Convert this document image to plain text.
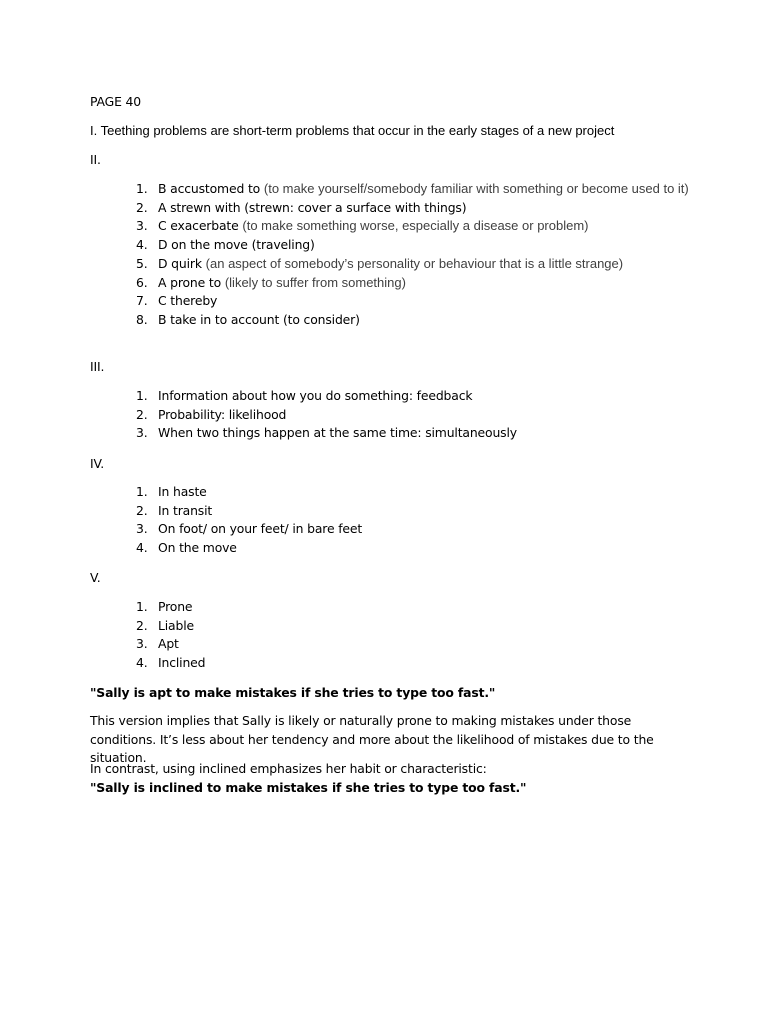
PAGE 40

I. Teething problems are short-term problems that occur in the early stages of a new project

II.

1. B accustomed to (to make yourself/somebody familiar with something or become used to it)
2. A strewn with (strewn: cover a surface with things)
3. C exacerbate (to make something worse, especially a disease or problem)
4. D on the move (traveling)
5. D quirk (an aspect of somebody’s personality or behaviour that is a little strange)
6. A prone to (likely to suffer from something)
7. C thereby
8. B take in to account (to consider)

III.

1. Information about how you do something: feedback
2. Probability: likelihood
3. When two things happen at the same time: simultaneously

IV.

1. In haste
2. In transit
3. On foot/ on your feet/ in bare feet
4. On the move

V.

1. Prone
2. Liable
3. Apt
4. Inclined

"Sally is apt to make mistakes if she tries to type too fast."

This version implies that Sally is likely or naturally prone to making mistakes under those conditions. It’s less about her tendency and more about the likelihood of mistakes due to the situation.

In contrast, using inclined emphasizes her habit or characteristic:

"Sally is inclined to make mistakes if she tries to type too fast."
